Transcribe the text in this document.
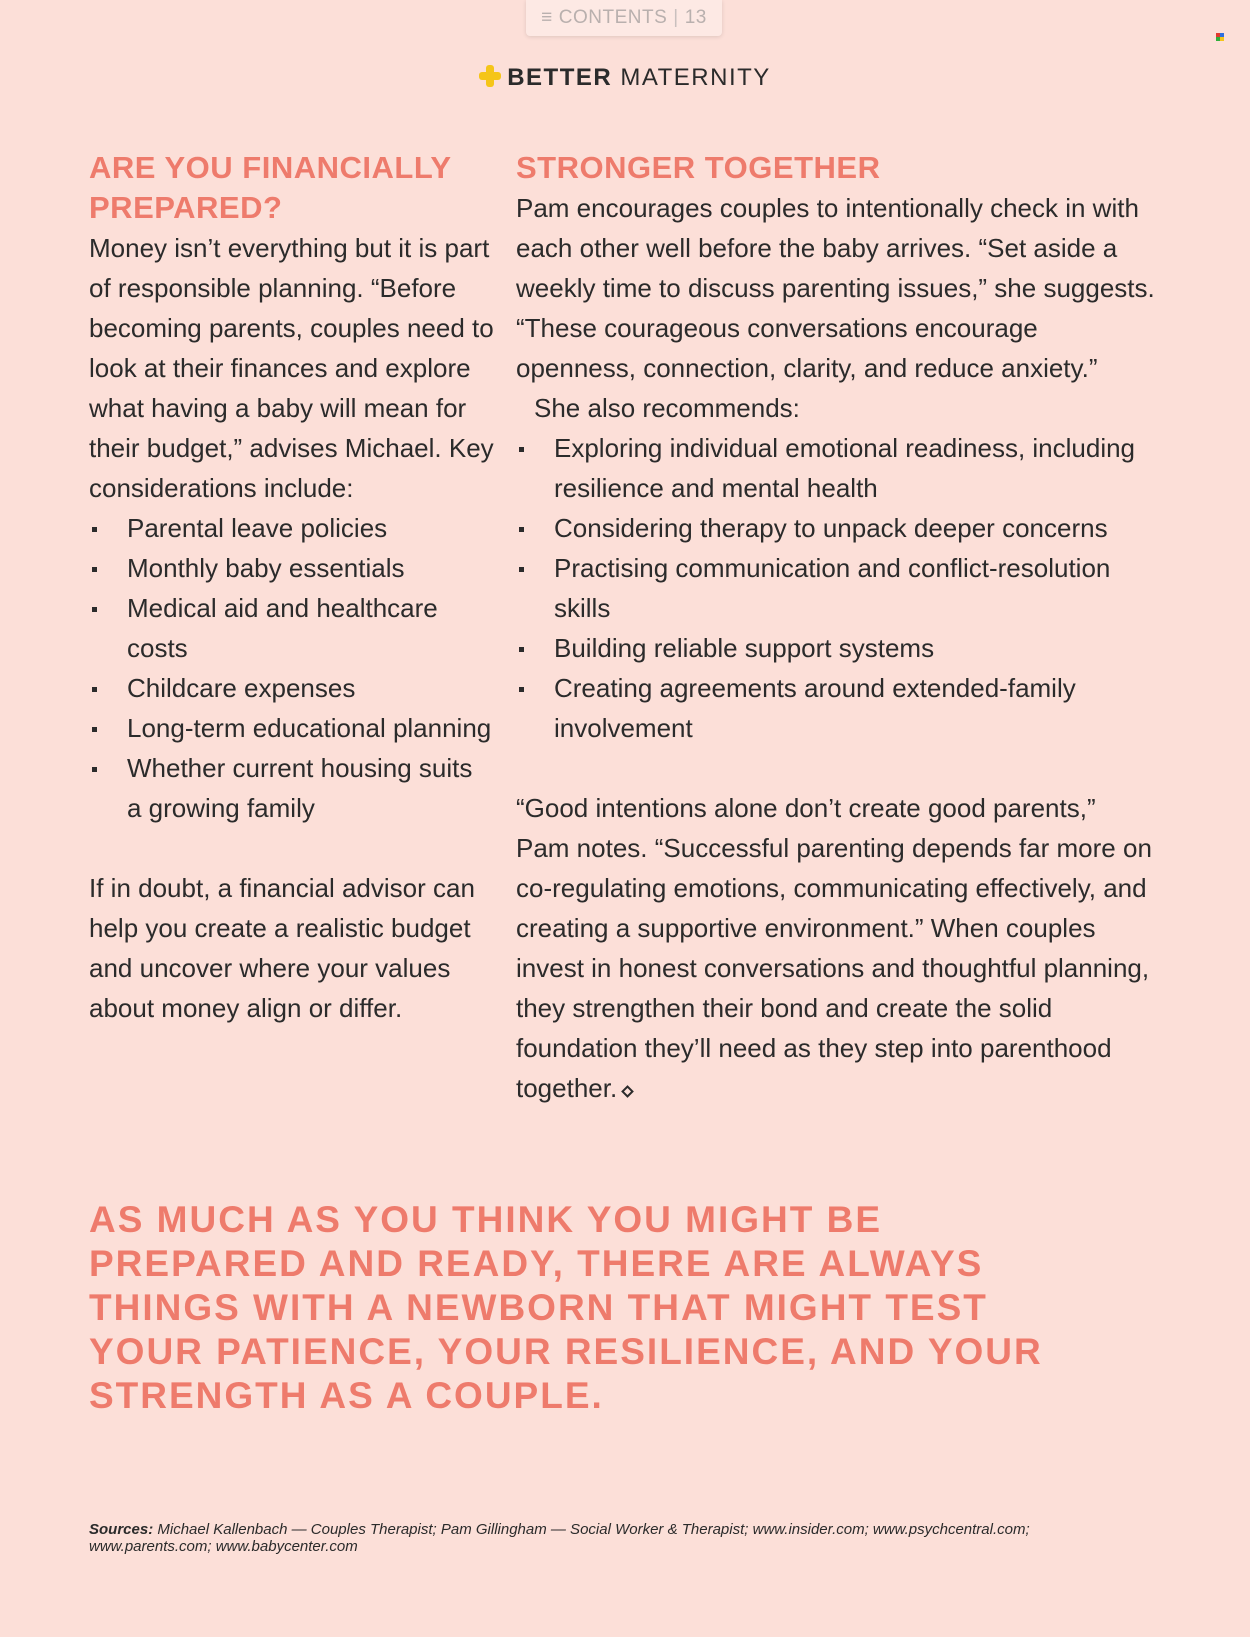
≡ CONTENTS | 13
BETTER MATERNITY
ARE YOU FINANCIALLY PREPARED?

Money isn’t everything but it is part of responsible planning. “Before becoming parents, couples need to look at their finances and explore what having a baby will mean for their budget,” advises Michael. Key considerations include:

Parental leave policies
Monthly baby essentials
Medical aid and healthcare costs
Childcare expenses
Long-term educational planning
Whether current housing suits a growing family

If in doubt, a financial advisor can help you create a realistic budget and uncover where your values about money align or differ.

STRONGER TOGETHER

Pam encourages couples to intentionally check in with each other well before the baby arrives. “Set aside a weekly time to discuss parenting issues,” she suggests. “These courageous conversations encourage openness, connection, clarity, and reduce anxiety.”

She also recommends:

Exploring individual emotional readiness, including resilience and mental health
Considering therapy to unpack deeper concerns
Practising communication and conflict-resolution skills
Building reliable support systems
Creating agreements around extended-family involvement

“Good intentions alone don’t create good parents,” Pam notes. “Successful parenting depends far more on co-regulating emotions, communicating effectively, and creating a supportive environment.” When couples invest in honest conversations and thoughtful planning, they strengthen their bond and create the solid foundation they’ll need as they step into parenthood together.

AS MUCH AS YOU THINK YOU MIGHT BE PREPARED AND READY, THERE ARE ALWAYS THINGS WITH A NEWBORN THAT MIGHT TEST YOUR PATIENCE, YOUR RESILIENCE, AND YOUR STRENGTH AS A COUPLE.

Sources: Michael Kallenbach — Couples Therapist; Pam Gillingham — Social Worker & Therapist; www.insider.com; www.psychcentral.com; www.parents.com; www.babycenter.com
